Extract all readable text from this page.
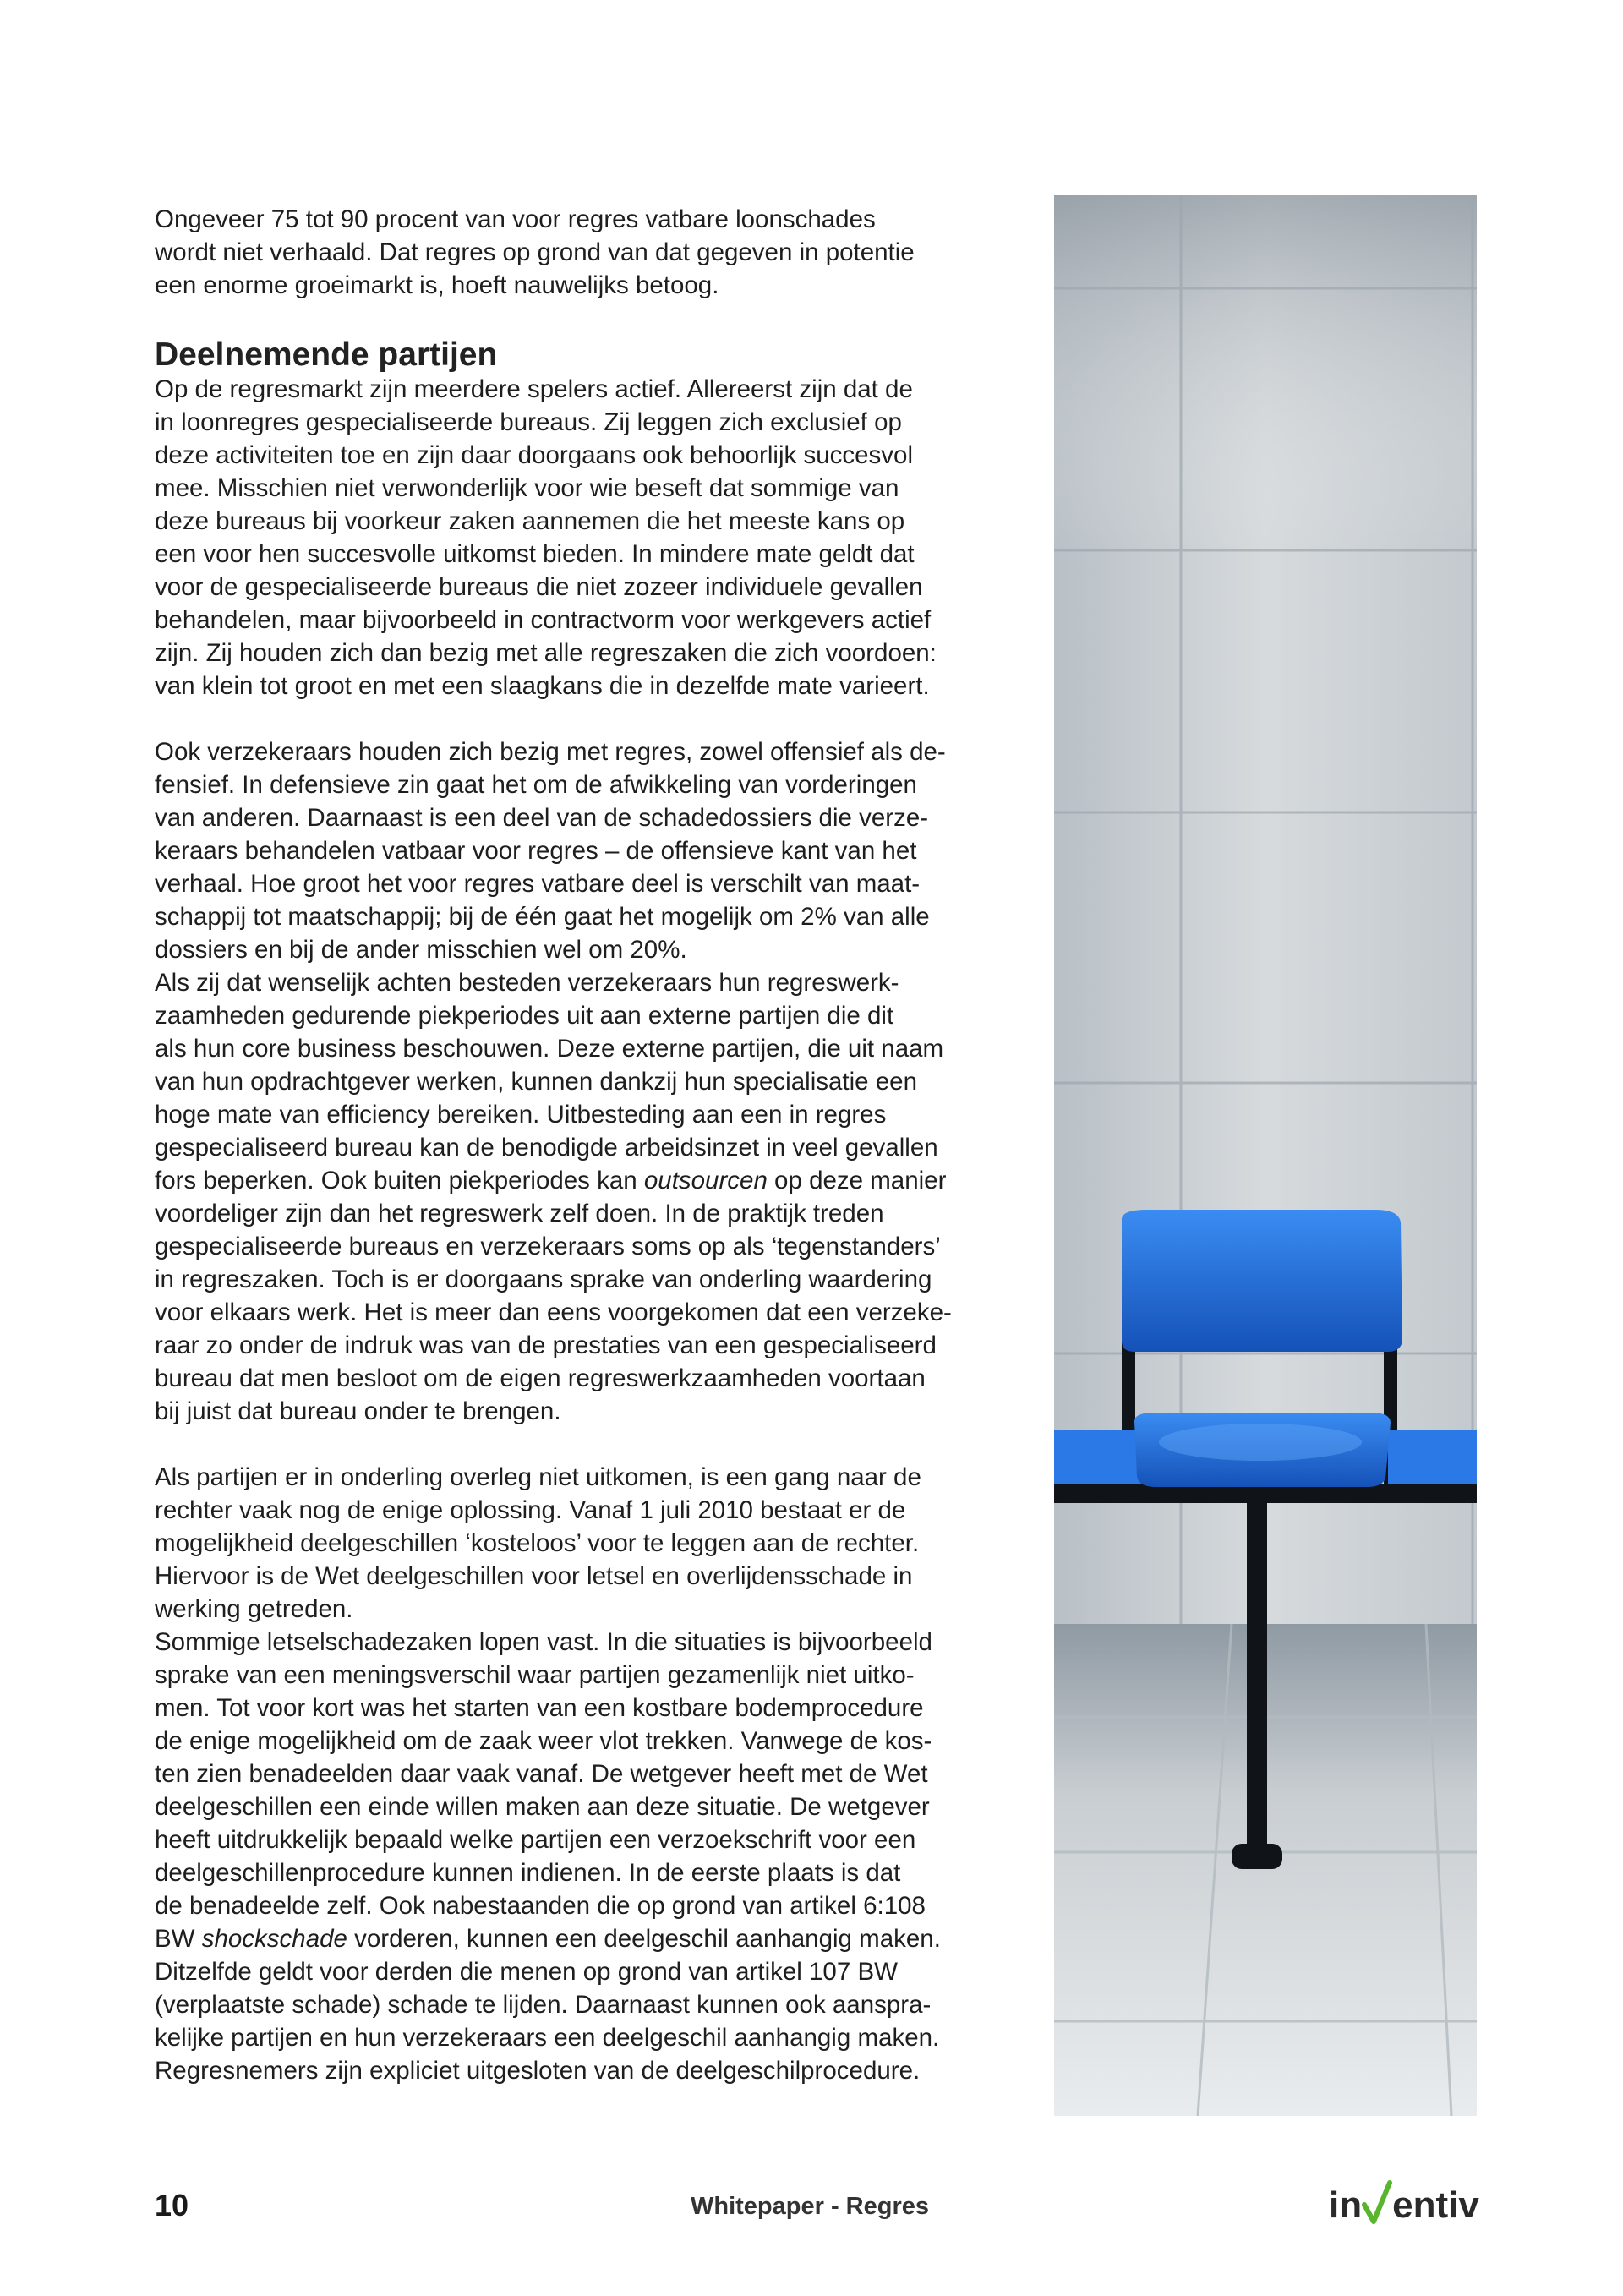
Ongeveer 75 tot 90 procent van voor regres vatbare loonschades
wordt niet verhaald. Dat regres op grond van dat gegeven in potentie
een enorme groeimarkt is, hoeft nauwelijks betoog.
Deelnemende partijen
Op de regresmarkt zijn meerdere spelers actief. Allereerst zijn dat de
in loonregres gespecialiseerde bureaus. Zij leggen zich exclusief op
deze activiteiten toe en zijn daar doorgaans ook behoorlijk succesvol
mee. Misschien niet verwonderlijk voor wie beseft dat sommige van
deze bureaus bij voorkeur zaken aannemen die het meeste kans op
een voor hen succesvolle uitkomst bieden. In mindere mate geldt dat
voor de gespecialiseerde bureaus die niet zozeer individuele gevallen
behandelen, maar bijvoorbeeld in contractvorm voor werkgevers actief
zijn. Zij houden zich dan bezig met alle regreszaken die zich voordoen:
van klein tot groot en met een slaagkans die in dezelfde mate varieert.
Ook verzekeraars houden zich bezig met regres, zowel offensief als de-
fensief. In defensieve zin gaat het om de afwikkeling van vorderingen
van anderen. Daarnaast is een deel van de schadedossiers die verze-
keraars behandelen vatbaar voor regres – de offensieve kant van het
verhaal. Hoe groot het voor regres vatbare deel is verschilt van maat-
schappij tot maatschappij; bij de één gaat het mogelijk om 2% van alle
dossiers en bij de ander misschien wel om 20%.
Als zij dat wenselijk achten besteden verzekeraars hun regreswerk-
zaamheden gedurende piekperiodes uit aan externe partijen die dit
als hun core business beschouwen. Deze externe partijen, die uit naam
van hun opdrachtgever werken, kunnen dankzij hun specialisatie een
hoge mate van efficiency bereiken. Uitbesteding aan een in regres
gespecialiseerd bureau kan de benodigde arbeidsinzet in veel gevallen
fors beperken. Ook buiten piekperiodes kan outsourcen op deze manier
voordeliger zijn dan het regreswerk zelf doen. In de praktijk treden
gespecialiseerde bureaus en verzekeraars soms op als ‘tegenstanders’
in regreszaken. Toch is er doorgaans sprake van onderling waardering
voor elkaars werk. Het is meer dan eens voorgekomen dat een verzeke-
raar zo onder de indruk was van de prestaties van een gespecialiseerd
bureau dat men besloot om de eigen regreswerkzaamheden voortaan
bij juist dat bureau onder te brengen.
Als partijen er in onderling overleg niet uitkomen, is een gang naar de
rechter vaak nog de enige oplossing. Vanaf 1 juli 2010 bestaat er de
mogelijkheid deelgeschillen ‘kosteloos’ voor te leggen aan de rechter.
Hiervoor is de Wet deelgeschillen voor letsel en overlijdensschade in
werking getreden.
Sommige letselschadezaken lopen vast. In die situaties is bijvoorbeeld
sprake van een meningsverschil waar partijen gezamenlijk niet uitko-
men. Tot voor kort was het starten van een kostbare bodemprocedure
de enige mogelijkheid om de zaak weer vlot trekken. Vanwege de kos-
ten zien benadeelden daar vaak vanaf. De wetgever heeft met de Wet
deelgeschillen een einde willen maken aan deze situatie. De wetgever
heeft uitdrukkelijk bepaald welke partijen een verzoekschrift voor een
deelgeschillenprocedure kunnen indienen. In de eerste plaats is dat
de benadeelde zelf. Ook nabestaanden die op grond van artikel 6:108
BW shockschade vorderen, kunnen een deelgeschil aanhangig maken.
Ditzelfde geldt voor derden die menen op grond van artikel 107 BW
(verplaatste schade) schade te lijden. Daarnaast kunnen ook aanspra-
kelijke partijen en hun verzekeraars een deelgeschil aanhangig maken.
Regresnemers zijn expliciet uitgesloten van de deelgeschilprocedure.
10	Whitepaper - Regres	in entiv
